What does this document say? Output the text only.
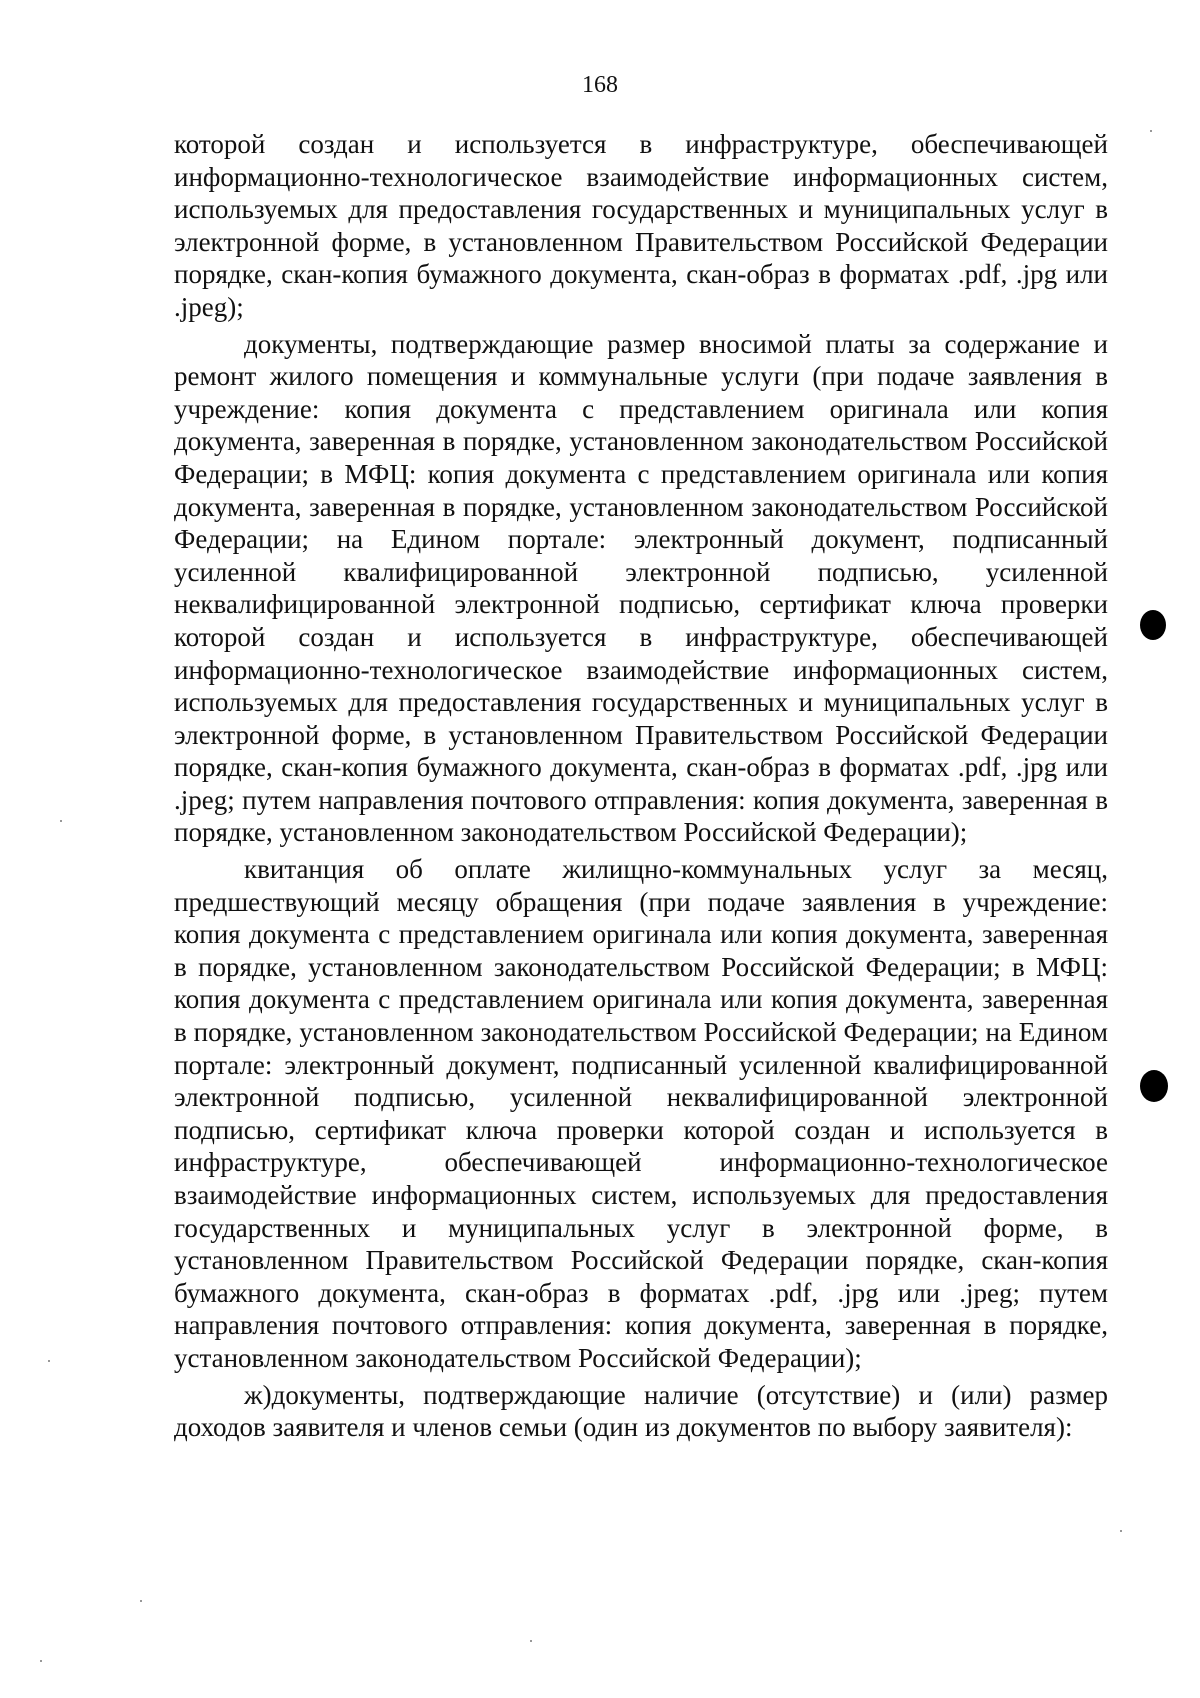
168

которой создан и используется в инфраструктуре, обеспечивающей информационно-технологическое взаимодействие информационных систем, используемых для предоставления государственных и муниципальных услуг в электронной форме, в установленном Правительством Российской Федерации порядке, скан-копия бумажного документа, скан-образ в форматах .pdf, .jpg или .jpeg);

документы, подтверждающие размер вносимой платы за содержание и ремонт жилого помещения и коммунальные услуги (при подаче заявления в учреждение: копия документа с представлением оригинала или копия документа, заверенная в порядке, установленном законодательством Российской Федерации; в МФЦ: копия документа с представлением оригинала или копия документа, заверенная в порядке, установленном законодательством Российской Федерации; на Едином портале: электронный документ, подписанный усиленной квалифицированной электронной подписью, усиленной неквалифицированной электронной подписью, сертификат ключа проверки которой создан и используется в инфраструктуре, обеспечивающей информационно-технологическое взаимодействие информационных систем, используемых для предоставления государственных и муниципальных услуг в электронной форме, в установленном Правительством Российской Федерации порядке, скан-копия бумажного документа, скан-образ в форматах .pdf, .jpg или .jpeg; путем направления почтового отправления: копия документа, заверенная в порядке, установленном законодательством Российской Федерации);

квитанция об оплате жилищно-коммунальных услуг за месяц, предшествующий месяцу обращения (при подаче заявления в учреждение: копия документа с представлением оригинала или копия документа, заверенная в порядке, установленном законодательством Российской Федерации; в МФЦ: копия документа с представлением оригинала или копия документа, заверенная в порядке, установленном законодательством Российской Федерации; на Едином портале: электронный документ, подписанный усиленной квалифицированной электронной подписью, усиленной неквалифицированной электронной подписью, сертификат ключа проверки которой создан и используется в инфраструктуре, обеспечивающей информационно-технологическое взаимодействие информационных систем, используемых для предоставления государственных и муниципальных услуг в электронной форме, в установленном Правительством Российской Федерации порядке, скан-копия бумажного документа, скан-образ в форматах .pdf, .jpg или .jpeg; путем направления почтового отправления: копия документа, заверенная в порядке, установленном законодательством Российской Федерации);

ж)документы, подтверждающие наличие (отсутствие) и (или) размер доходов заявителя и членов семьи (один из документов по выбору заявителя):
